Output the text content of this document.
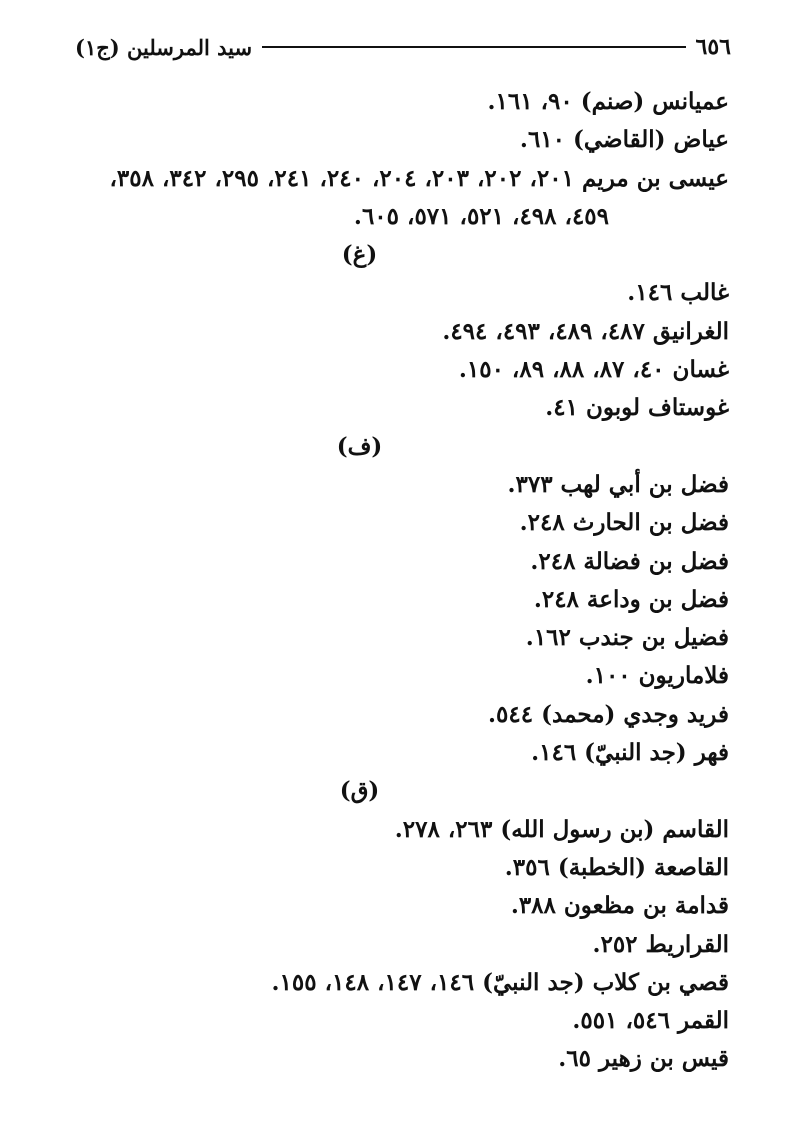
٦٥٦
سيد المرسلين (ج١)
عميانس (صنم) ٩٠، ١٦١.
عياض (القاضي) ٦١٠.
عيسى بن مريم ٢٠١، ٢٠٢، ٢٠٣، ٢٠٤، ٢٤٠، ٢٤١، ٢٩٥، ٣٤٢، ٣٥٨،
٤٥٩، ٤٩٨، ٥٢١، ٥٧١، ٦٠٥.
(غ)
غالب ١٤٦.
الغرانيق ٤٨٧، ٤٨٩، ٤٩٣، ٤٩٤.
غسان ٤٠، ٨٧، ٨٨، ٨٩، ١٥٠.
غوستاف لوبون ٤١.
(ف)
فضل بن أبي لهب ٣٧٣.
فضل بن الحارث ٢٤٨.
فضل بن فضالة ٢٤٨.
فضل بن وداعة ٢٤٨.
فضيل بن جندب ١٦٢.
فلاماريون ١٠٠.
فريد وجدي (محمد) ٥٤٤.
فهر (جد النبيّ) ١٤٦.
(ق)
القاسم (بن رسول الله) ٢٦٣، ٢٧٨.
القاصعة (الخطبة) ٣٥٦.
قدامة بن مظعون ٣٨٨.
القراريط ٢٥٢.
قصي بن كلاب (جد النبيّ) ١٤٦، ١٤٧، ١٤٨، ١٥٥.
القمر ٥٤٦، ٥٥١.
قيس بن زهير ٦٥.
